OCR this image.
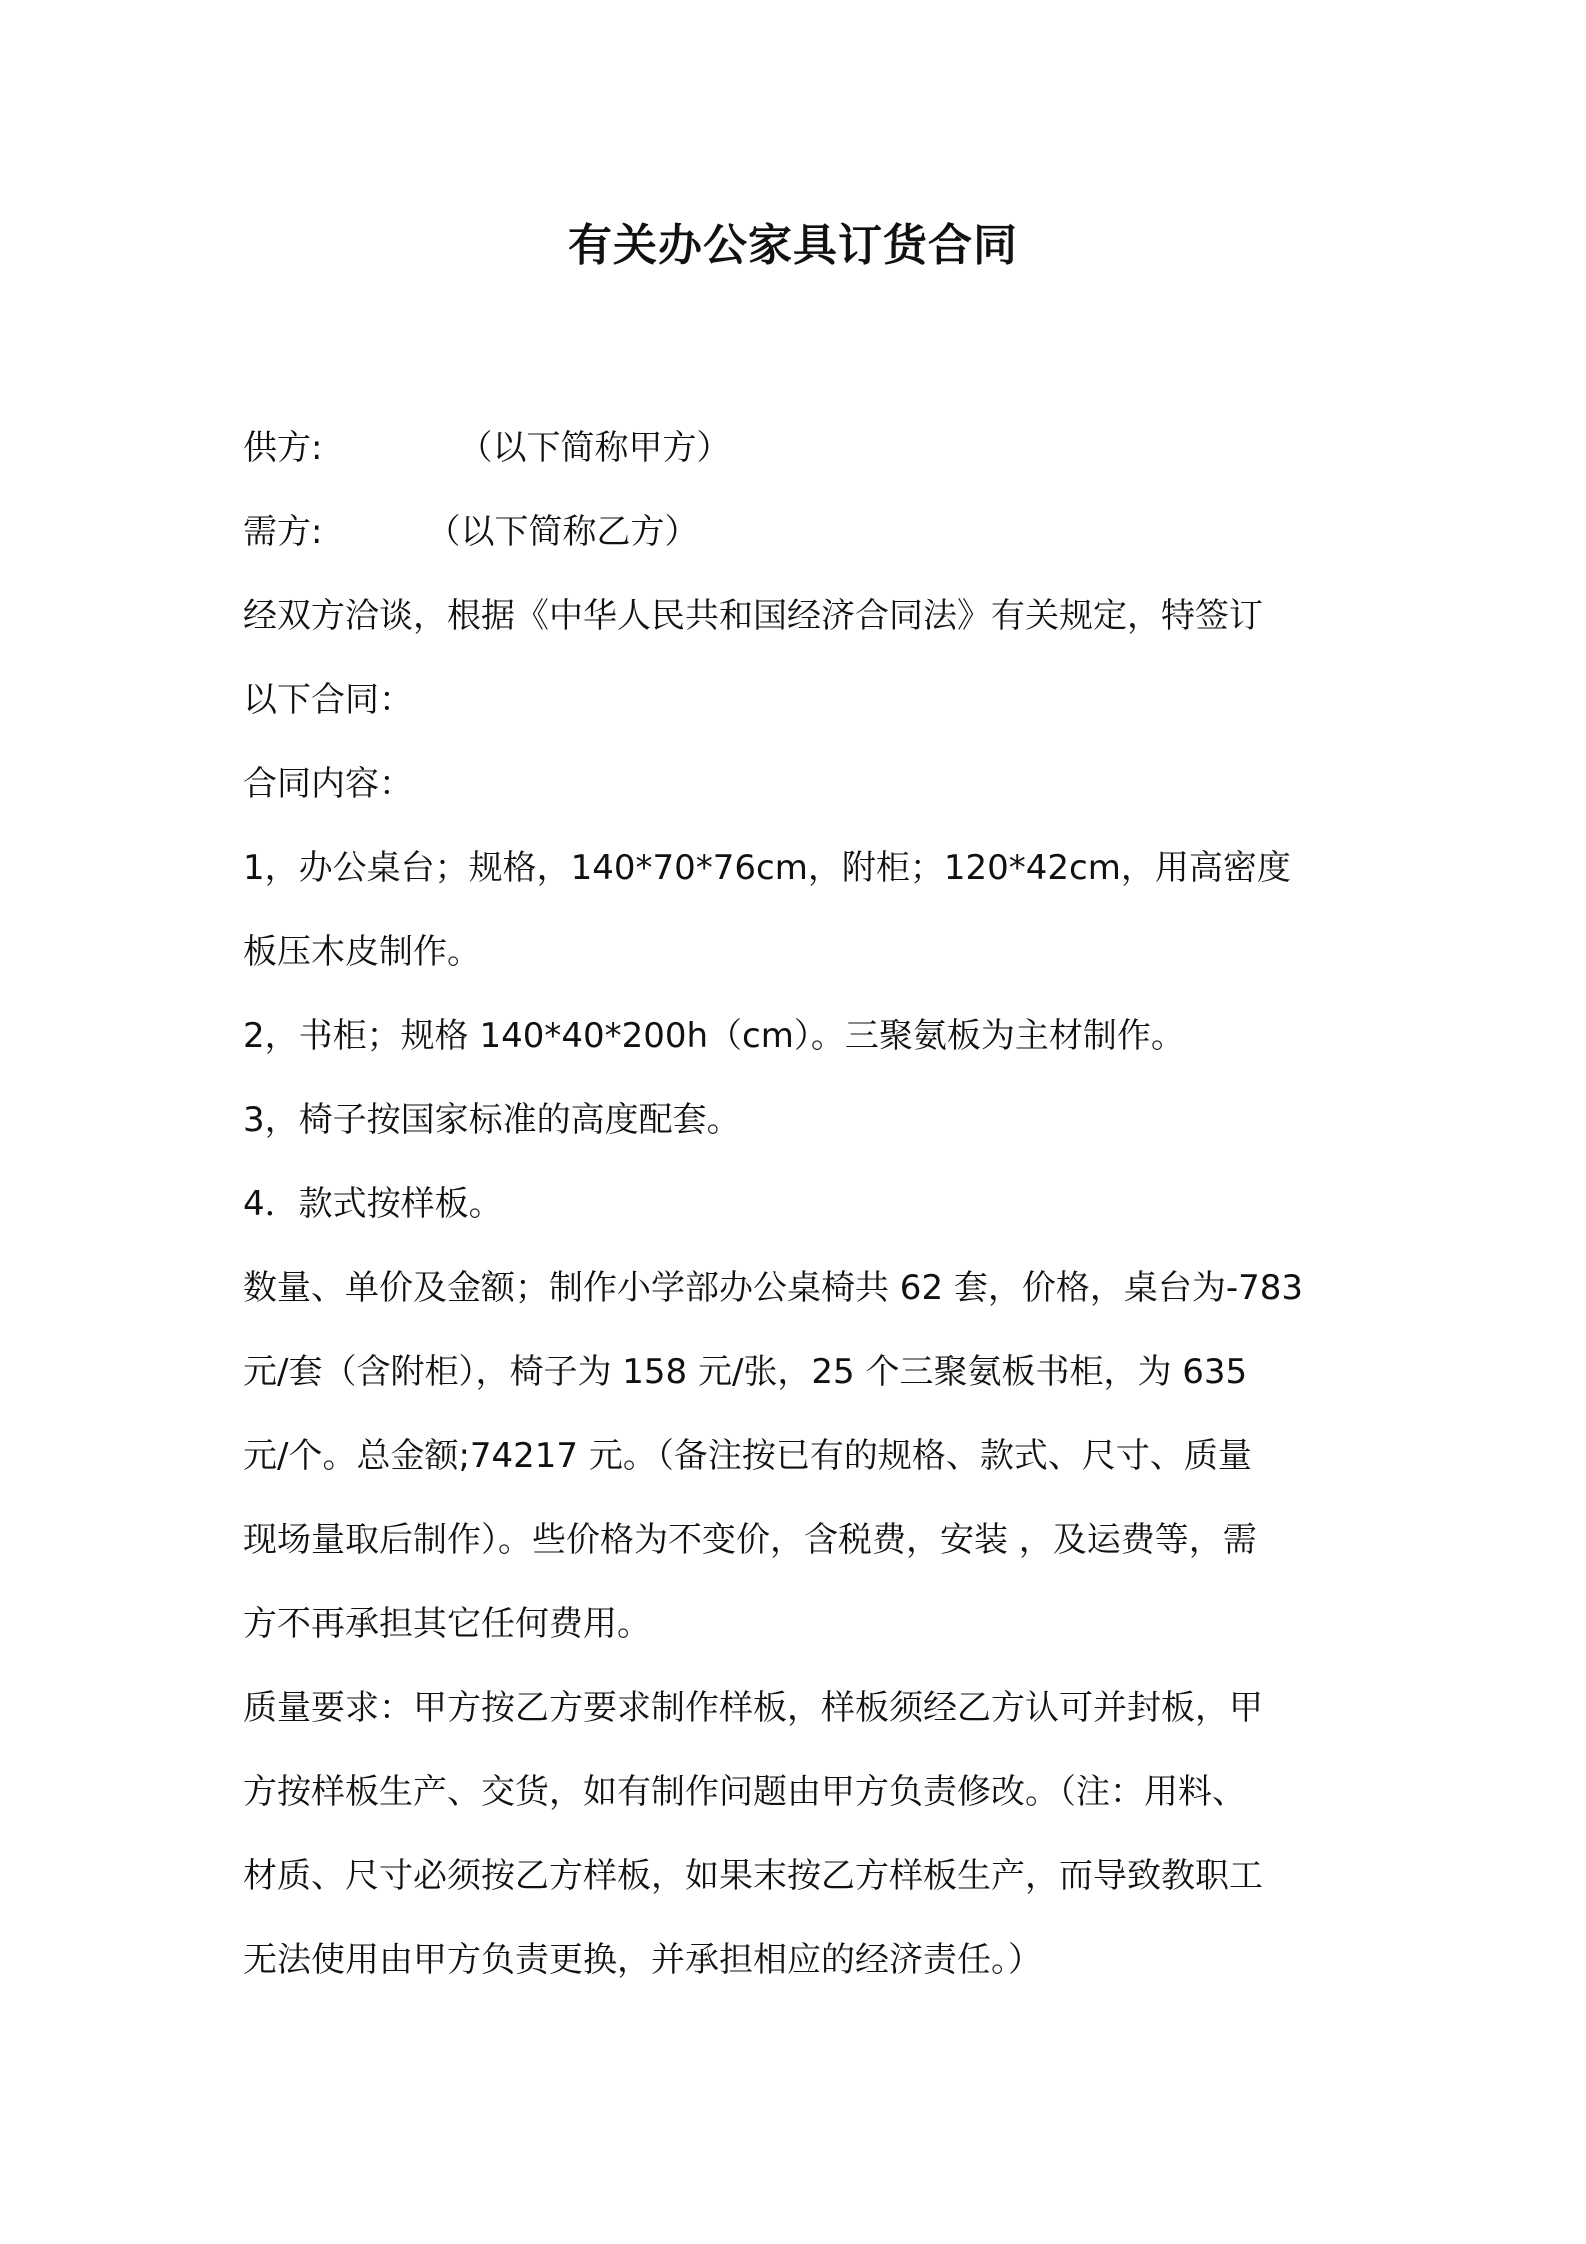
有关办公家具订货合同
供方:	（以下简称甲方）
需方:	（以下简称乙方）
经双方洽谈，根据《中华人民共和国经济合同法》有关规定，特签订
以下合同：
合同内容：
1，办公桌台；规格，140*70*76cm，附柜；120*42cm，用高密度
板压木皮制作。
2，书柜；规格 140*40*200h（cm）。三聚氨板为主材制作。
3，椅子按国家标准的高度配套。
4．款式按样板。
数量、单价及金额；制作小学部办公桌椅共 62 套，价格，桌台为-783
元/套（含附柜），椅子为 158 元/张，25 个三聚氨板书柜，为 635
元/个。总金额;74217 元。（备注按已有的规格、款式、尺寸、质量
现场量取后制作）。些价格为不变价，含税费，安装 ，及运费等，需
方不再承担其它任何费用。
质量要求：甲方按乙方要求制作样板，样板须经乙方认可并封板，甲
方按样板生产、交货，如有制作问题由甲方负责修改。（注：用料、
材质、尺寸必须按乙方样板，如果末按乙方样板生产，而导致教职工
无法使用由甲方负责更换，并承担相应的经济责任。）
